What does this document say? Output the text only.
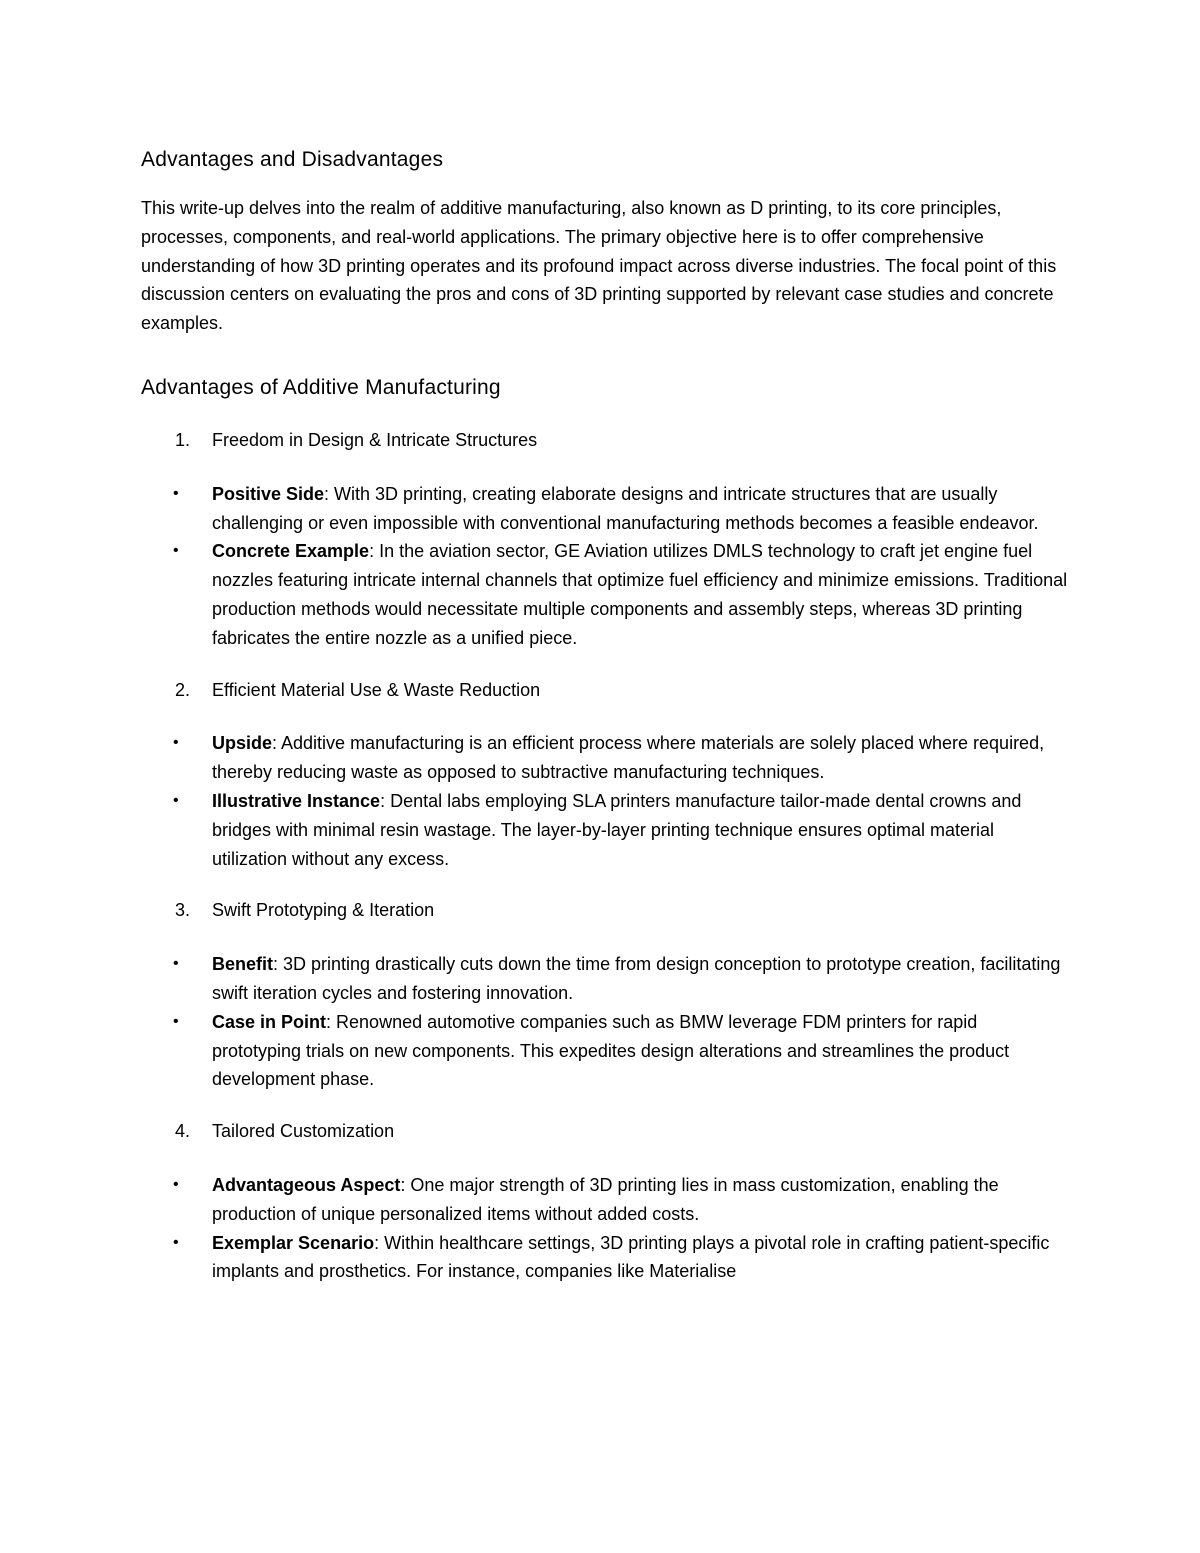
Advantages and Disadvantages

This write-up delves into the realm of additive manufacturing, also known as D printing, to its core principles, processes, components, and real-world applications. The primary objective here is to offer comprehensive understanding of how 3D printing operates and its profound impact across diverse industries. The focal point of this discussion centers on evaluating the pros and cons of 3D printing supported by relevant case studies and concrete examples.

Advantages of Additive Manufacturing
1. Freedom in Design & Intricate Structures
• Positive Side: With 3D printing, creating elaborate designs and intricate structures that are usually challenging or even impossible with conventional manufacturing methods becomes a feasible endeavor.
• Concrete Example: In the aviation sector, GE Aviation utilizes DMLS technology to craft jet engine fuel nozzles featuring intricate internal channels that optimize fuel efficiency and minimize emissions. Traditional production methods would necessitate multiple components and assembly steps, whereas 3D printing fabricates the entire nozzle as a unified piece.
2. Efficient Material Use & Waste Reduction
• Upside: Additive manufacturing is an efficient process where materials are solely placed where required, thereby reducing waste as opposed to subtractive manufacturing techniques.
• Illustrative Instance: Dental labs employing SLA printers manufacture tailor-made dental crowns and bridges with minimal resin wastage. The layer-by-layer printing technique ensures optimal material utilization without any excess.
3. Swift Prototyping & Iteration
• Benefit: 3D printing drastically cuts down the time from design conception to prototype creation, facilitating swift iteration cycles and fostering innovation.
• Case in Point: Renowned automotive companies such as BMW leverage FDM printers for rapid prototyping trials on new components. This expedites design alterations and streamlines the product development phase.
4. Tailored Customization
• Advantageous Aspect: One major strength of 3D printing lies in mass customization, enabling the production of unique personalized items without added costs.
• Exemplar Scenario: Within healthcare settings, 3D printing plays a pivotal role in crafting patient-specific implants and prosthetics. For instance, companies like Materialise
